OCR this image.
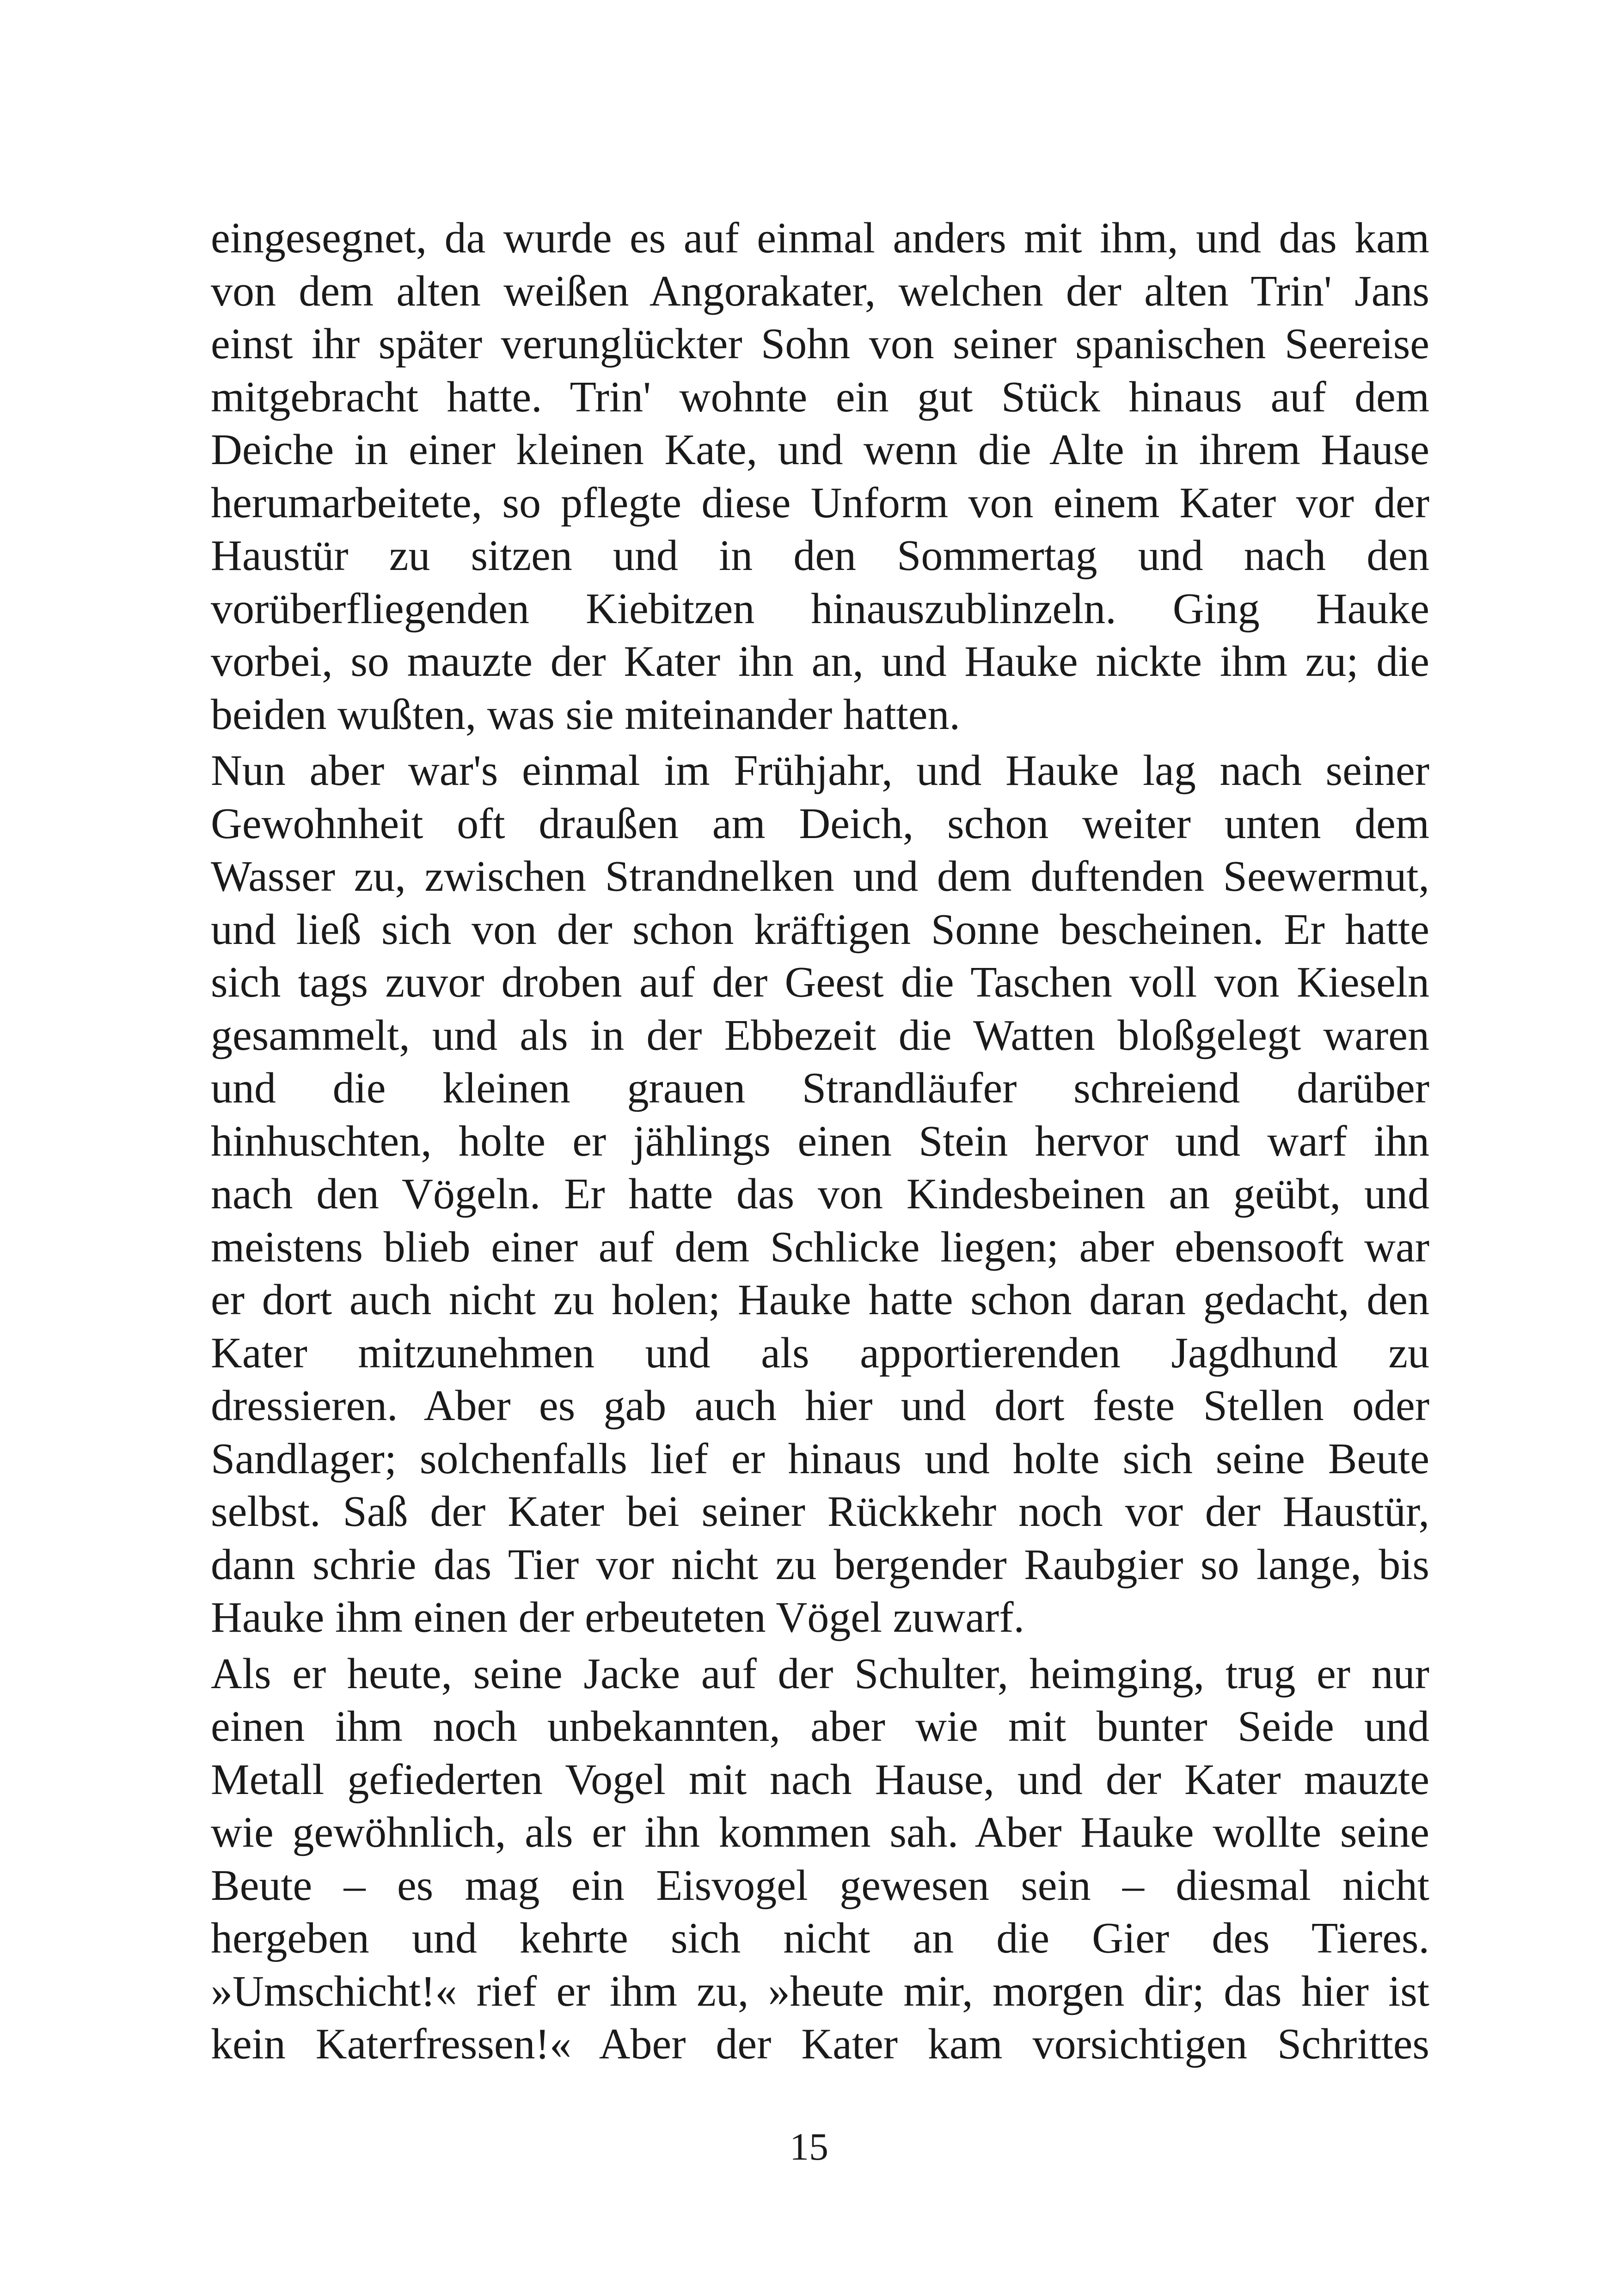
eingesegnet, da wurde es auf einmal anders mit ihm, und das kam
von dem alten weißen Angorakater, welchen der alten Trin' Jans
einst ihr später verunglückter Sohn von seiner spanischen Seereise
mitgebracht hatte. Trin' wohnte ein gut Stück hinaus auf dem
Deiche in einer kleinen Kate, und wenn die Alte in ihrem Hause
herumarbeitete, so pflegte diese Unform von einem Kater vor der
Haustür zu sitzen und in den Sommertag und nach den
vorüberfliegenden Kiebitzen hinauszublinzeln. Ging Hauke
vorbei, so mauzte der Kater ihn an, und Hauke nickte ihm zu; die
beiden wußten, was sie miteinander hatten.
Nun aber war's einmal im Frühjahr, und Hauke lag nach seiner
Gewohnheit oft draußen am Deich, schon weiter unten dem
Wasser zu, zwischen Strandnelken und dem duftenden Seewermut,
und ließ sich von der schon kräftigen Sonne bescheinen. Er hatte
sich tags zuvor droben auf der Geest die Taschen voll von Kieseln
gesammelt, und als in der Ebbezeit die Watten bloßgelegt waren
und die kleinen grauen Strandläufer schreiend darüber
hinhuschten, holte er jählings einen Stein hervor und warf ihn
nach den Vögeln. Er hatte das von Kindesbeinen an geübt, und
meistens blieb einer auf dem Schlicke liegen; aber ebensooft war
er dort auch nicht zu holen; Hauke hatte schon daran gedacht, den
Kater mitzunehmen und als apportierenden Jagdhund zu
dressieren. Aber es gab auch hier und dort feste Stellen oder
Sandlager; solchenfalls lief er hinaus und holte sich seine Beute
selbst. Saß der Kater bei seiner Rückkehr noch vor der Haustür,
dann schrie das Tier vor nicht zu bergender Raubgier so lange, bis
Hauke ihm einen der erbeuteten Vögel zuwarf.
Als er heute, seine Jacke auf der Schulter, heimging, trug er nur
einen ihm noch unbekannten, aber wie mit bunter Seide und
Metall gefiederten Vogel mit nach Hause, und der Kater mauzte
wie gewöhnlich, als er ihn kommen sah. Aber Hauke wollte seine
Beute – es mag ein Eisvogel gewesen sein – diesmal nicht
hergeben und kehrte sich nicht an die Gier des Tieres.
»Umschicht!« rief er ihm zu, »heute mir, morgen dir; das hier ist
kein Katerfressen!« Aber der Kater kam vorsichtigen Schrittes
15
